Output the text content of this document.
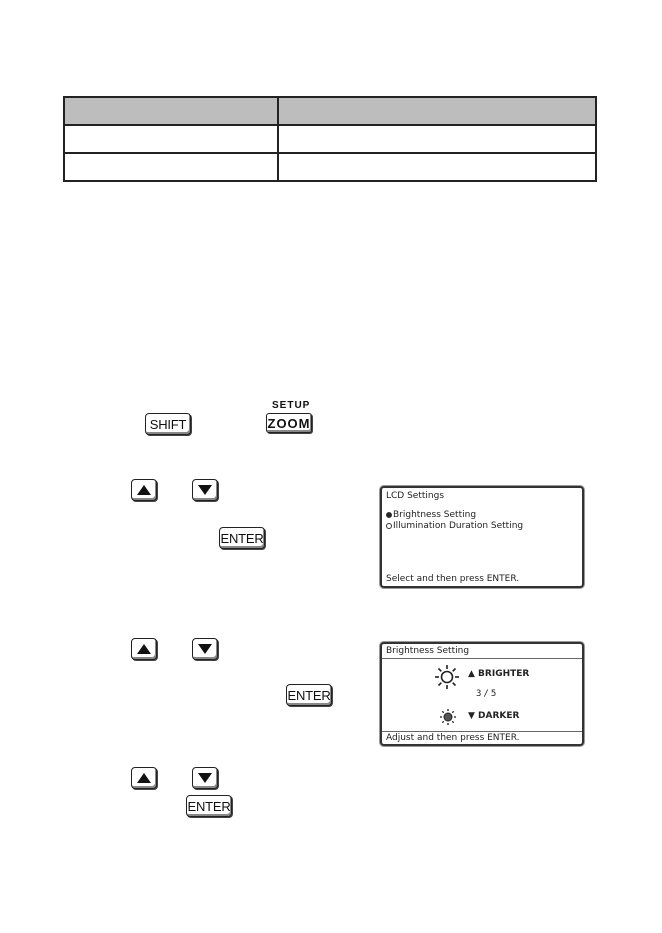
SHIFT
SETUP
ZOOM
ENTER
LCD Settings
Brightness Setting
Illumination Duration Setting
Select and then press ENTER.
ENTER
Brightness Setting
▲ BRIGHTER
3/5
▼ DARKER
Adjust and then press ENTER.
ENTER
